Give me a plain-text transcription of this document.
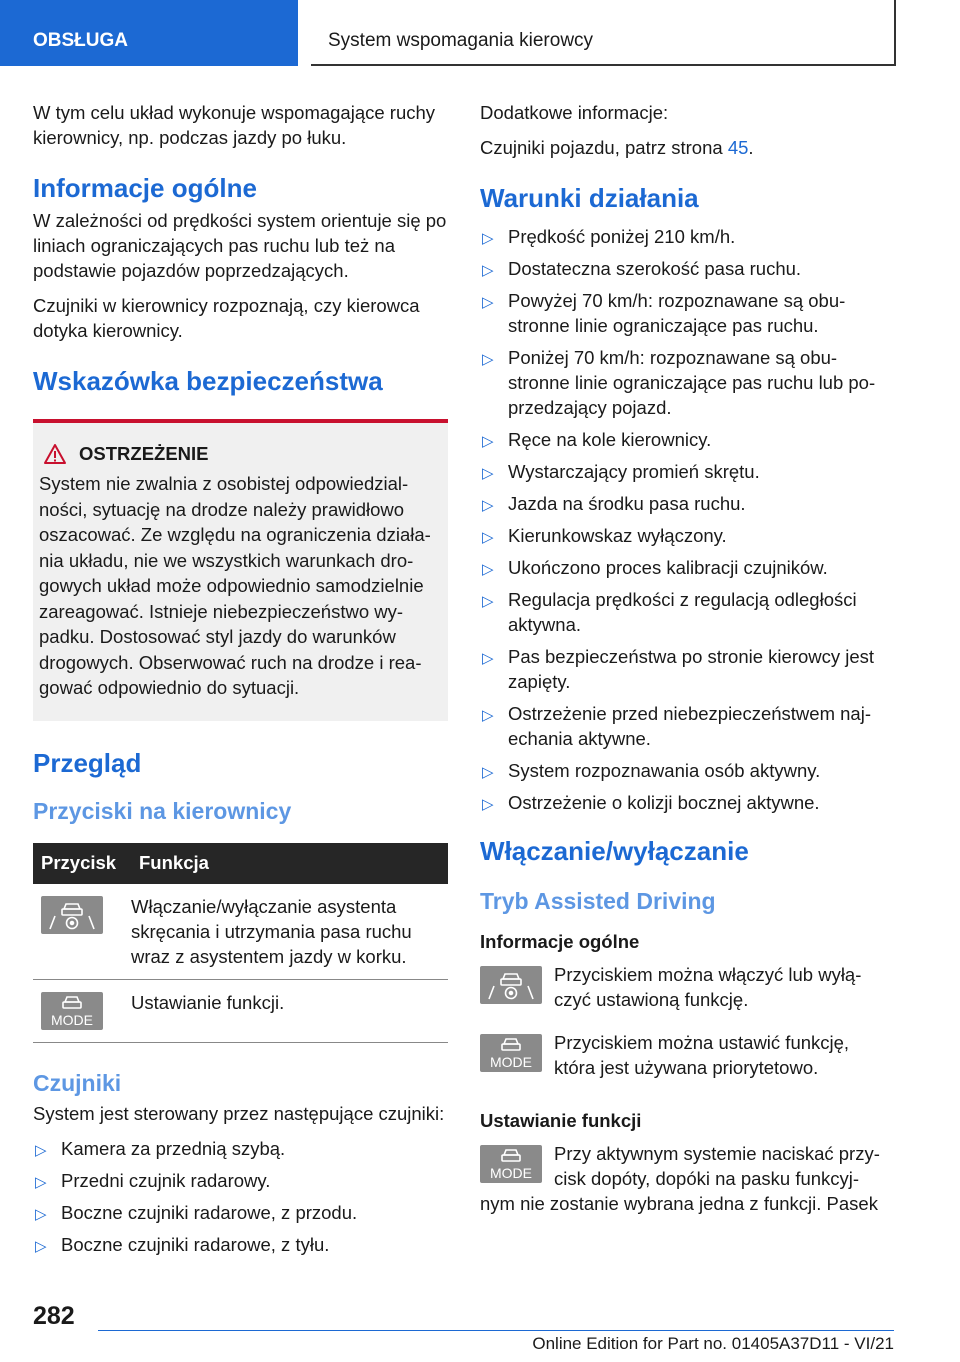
OBSŁUGA	System wspomagania kierowcy

W tym celu układ wykonuje wspomagające ruchy kierownicy, np. podczas jazdy po łuku.

Informacje ogólne

W zależności od prędkości system orientuje się po liniach ograniczających pas ruchu lub też na podstawie pojazdów poprzedzających.

Czujniki w kierownicy rozpoznają, czy kierowca dotyka kierownicy.

Wskazówka bezpieczeństwa
OSTRZEŻENIE

System nie zwalnia z osobistej odpowiedzialności, sytuację na drodze należy prawidłowo oszacować. Ze względu na ograniczenia działania układu, nie we wszystkich warunkach drogowych układ może odpowiednio samodzielnie zareagować. Istnieje niebezpieczeństwo wypadku. Dostosować styl jazdy do warunków drogowych. Obserwować ruch na drodze i reagować odpowiednio do sytuacji.

Przegląd
Przyciski na kierownicy
Przycisk	Funkcja

	Włączanie/wyłączanie asystenta skręcania i utrzymania pasa ruchu wraz z asystentem jazdy w korku.

MODE	Ustawianie funkcji.
Czujniki

System jest sterowany przez następujące czujniki:

▷ Kamera za przednią szybą.
▷ Przedni czujnik radarowy.
▷ Boczne czujniki radarowe, z przodu.
▷ Boczne czujniki radarowe, z tyłu.

Dodatkowe informacje:

Czujniki pojazdu, patrz strona 45.

Warunki działania
▷ Prędkość poniżej 210 km/h.
▷ Dostateczna szerokość pasa ruchu.
▷ Powyżej 70 km/h: rozpoznawane są obustronne linie ograniczające pas ruchu.
▷ Poniżej 70 km/h: rozpoznawane są obustronne linie ograniczające pas ruchu lub poprzedzający pojazd.
▷ Ręce na kole kierownicy.
▷ Wystarczający promień skrętu.
▷ Jazda na środku pasa ruchu.
▷ Kierunkowskaz wyłączony.
▷ Ukończono proces kalibracji czujników.
▷ Regulacja prędkości z regulacją odległości aktywna.
▷ Pas bezpieczeństwa po stronie kierowcy jest zapięty.
▷ Ostrzeżenie przed niebezpieczeństwem najechania aktywne.
▷ System rozpoznawania osób aktywny.
▷ Ostrzeżenie o kolizji bocznej aktywne.
Włączanie/wyłączanie
Tryb Assisted Driving
Informacje ogólne

Przyciskiem można włączyć lub wyłączyć ustawioną funkcję.

MODE

Przyciskiem można ustawić funkcję, która jest używana priorytetowo.

Ustawianie funkcji
MODE

Przy aktywnym systemie naciskać przycisk dopóty, dopóki na pasku funkcyj-

nym nie zostanie wybrana jedna z funkcji. Pasek

282
Online Edition for Part no. 01405A37D11 - VI/21
